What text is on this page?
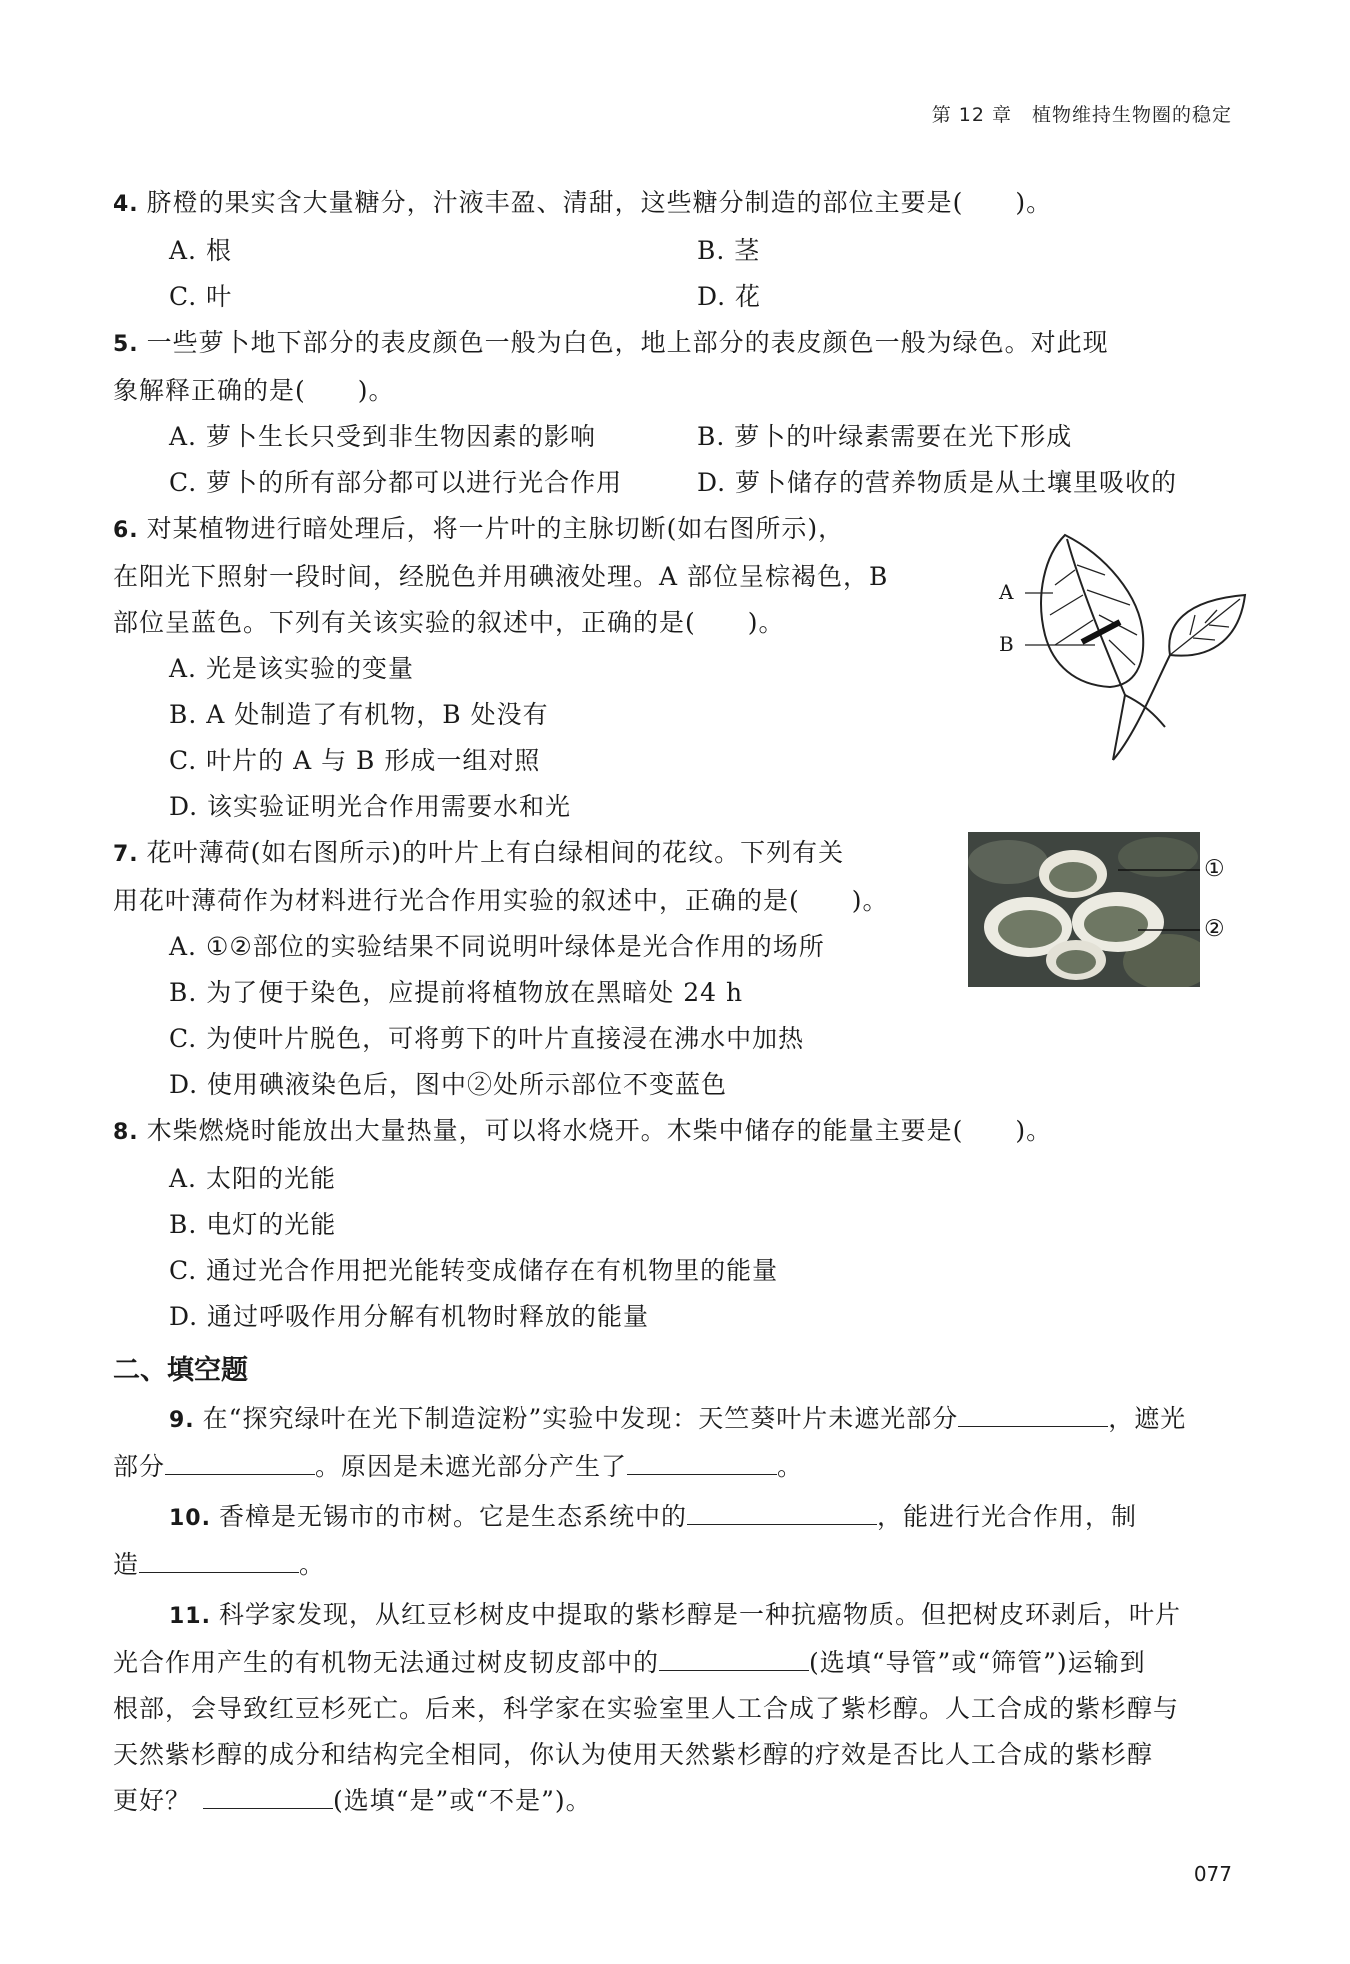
第 12 章　植物维持生物圈的稳定
4. 脐橙的果实含大量糖分，汁液丰盈、清甜，这些糖分制造的部位主要是(　　)。
A. 根	B. 茎
C. 叶	D. 花
5. 一些萝卜地下部分的表皮颜色一般为白色，地上部分的表皮颜色一般为绿色。对此现
象解释正确的是(　　)。
A. 萝卜生长只受到非生物因素的影响	B. 萝卜的叶绿素需要在光下形成
C. 萝卜的所有部分都可以进行光合作用	D. 萝卜储存的营养物质是从土壤里吸收的
6. 对某植物进行暗处理后，将一片叶的主脉切断(如右图所示)，
在阳光下照射一段时间，经脱色并用碘液处理。A 部位呈棕褐色，B
部位呈蓝色。下列有关该实验的叙述中，正确的是(　　)。
A. 光是该实验的变量
B. A 处制造了有机物，B 处没有
C. 叶片的 A 与 B 形成一组对照
D. 该实验证明光合作用需要水和光
7. 花叶薄荷(如右图所示)的叶片上有白绿相间的花纹。下列有关
用花叶薄荷作为材料进行光合作用实验的叙述中，正确的是(　　)。
A. ①②部位的实验结果不同说明叶绿体是光合作用的场所
B. 为了便于染色，应提前将植物放在黑暗处 24 h
C. 为使叶片脱色，可将剪下的叶片直接浸在沸水中加热
D. 使用碘液染色后，图中②处所示部位不变蓝色
8. 木柴燃烧时能放出大量热量，可以将水烧开。木柴中储存的能量主要是(　　)。
A. 太阳的光能
B. 电灯的光能
C. 通过光合作用把光能转变成储存在有机物里的能量
D. 通过呼吸作用分解有机物时释放的能量
二、填空题
9. 在“探究绿叶在光下制造淀粉”实验中发现：天竺葵叶片未遮光部分	，遮光
部分	。原因是未遮光部分产生了	。
10. 香樟是无锡市的市树。它是生态系统中的	，能进行光合作用，制
造	。
11. 科学家发现，从红豆杉树皮中提取的紫杉醇是一种抗癌物质。但把树皮环剥后，叶片
光合作用产生的有机物无法通过树皮韧皮部中的	(选填“导管”或“筛管”)运输到
根部，会导致红豆杉死亡。后来，科学家在实验室里人工合成了紫杉醇。人工合成的紫杉醇与
天然紫杉醇的成分和结构完全相同，你认为使用天然紫杉醇的疗效是否比人工合成的紫杉醇
更好？	(选填“是”或“不是”)。
A
B
①
②
077
